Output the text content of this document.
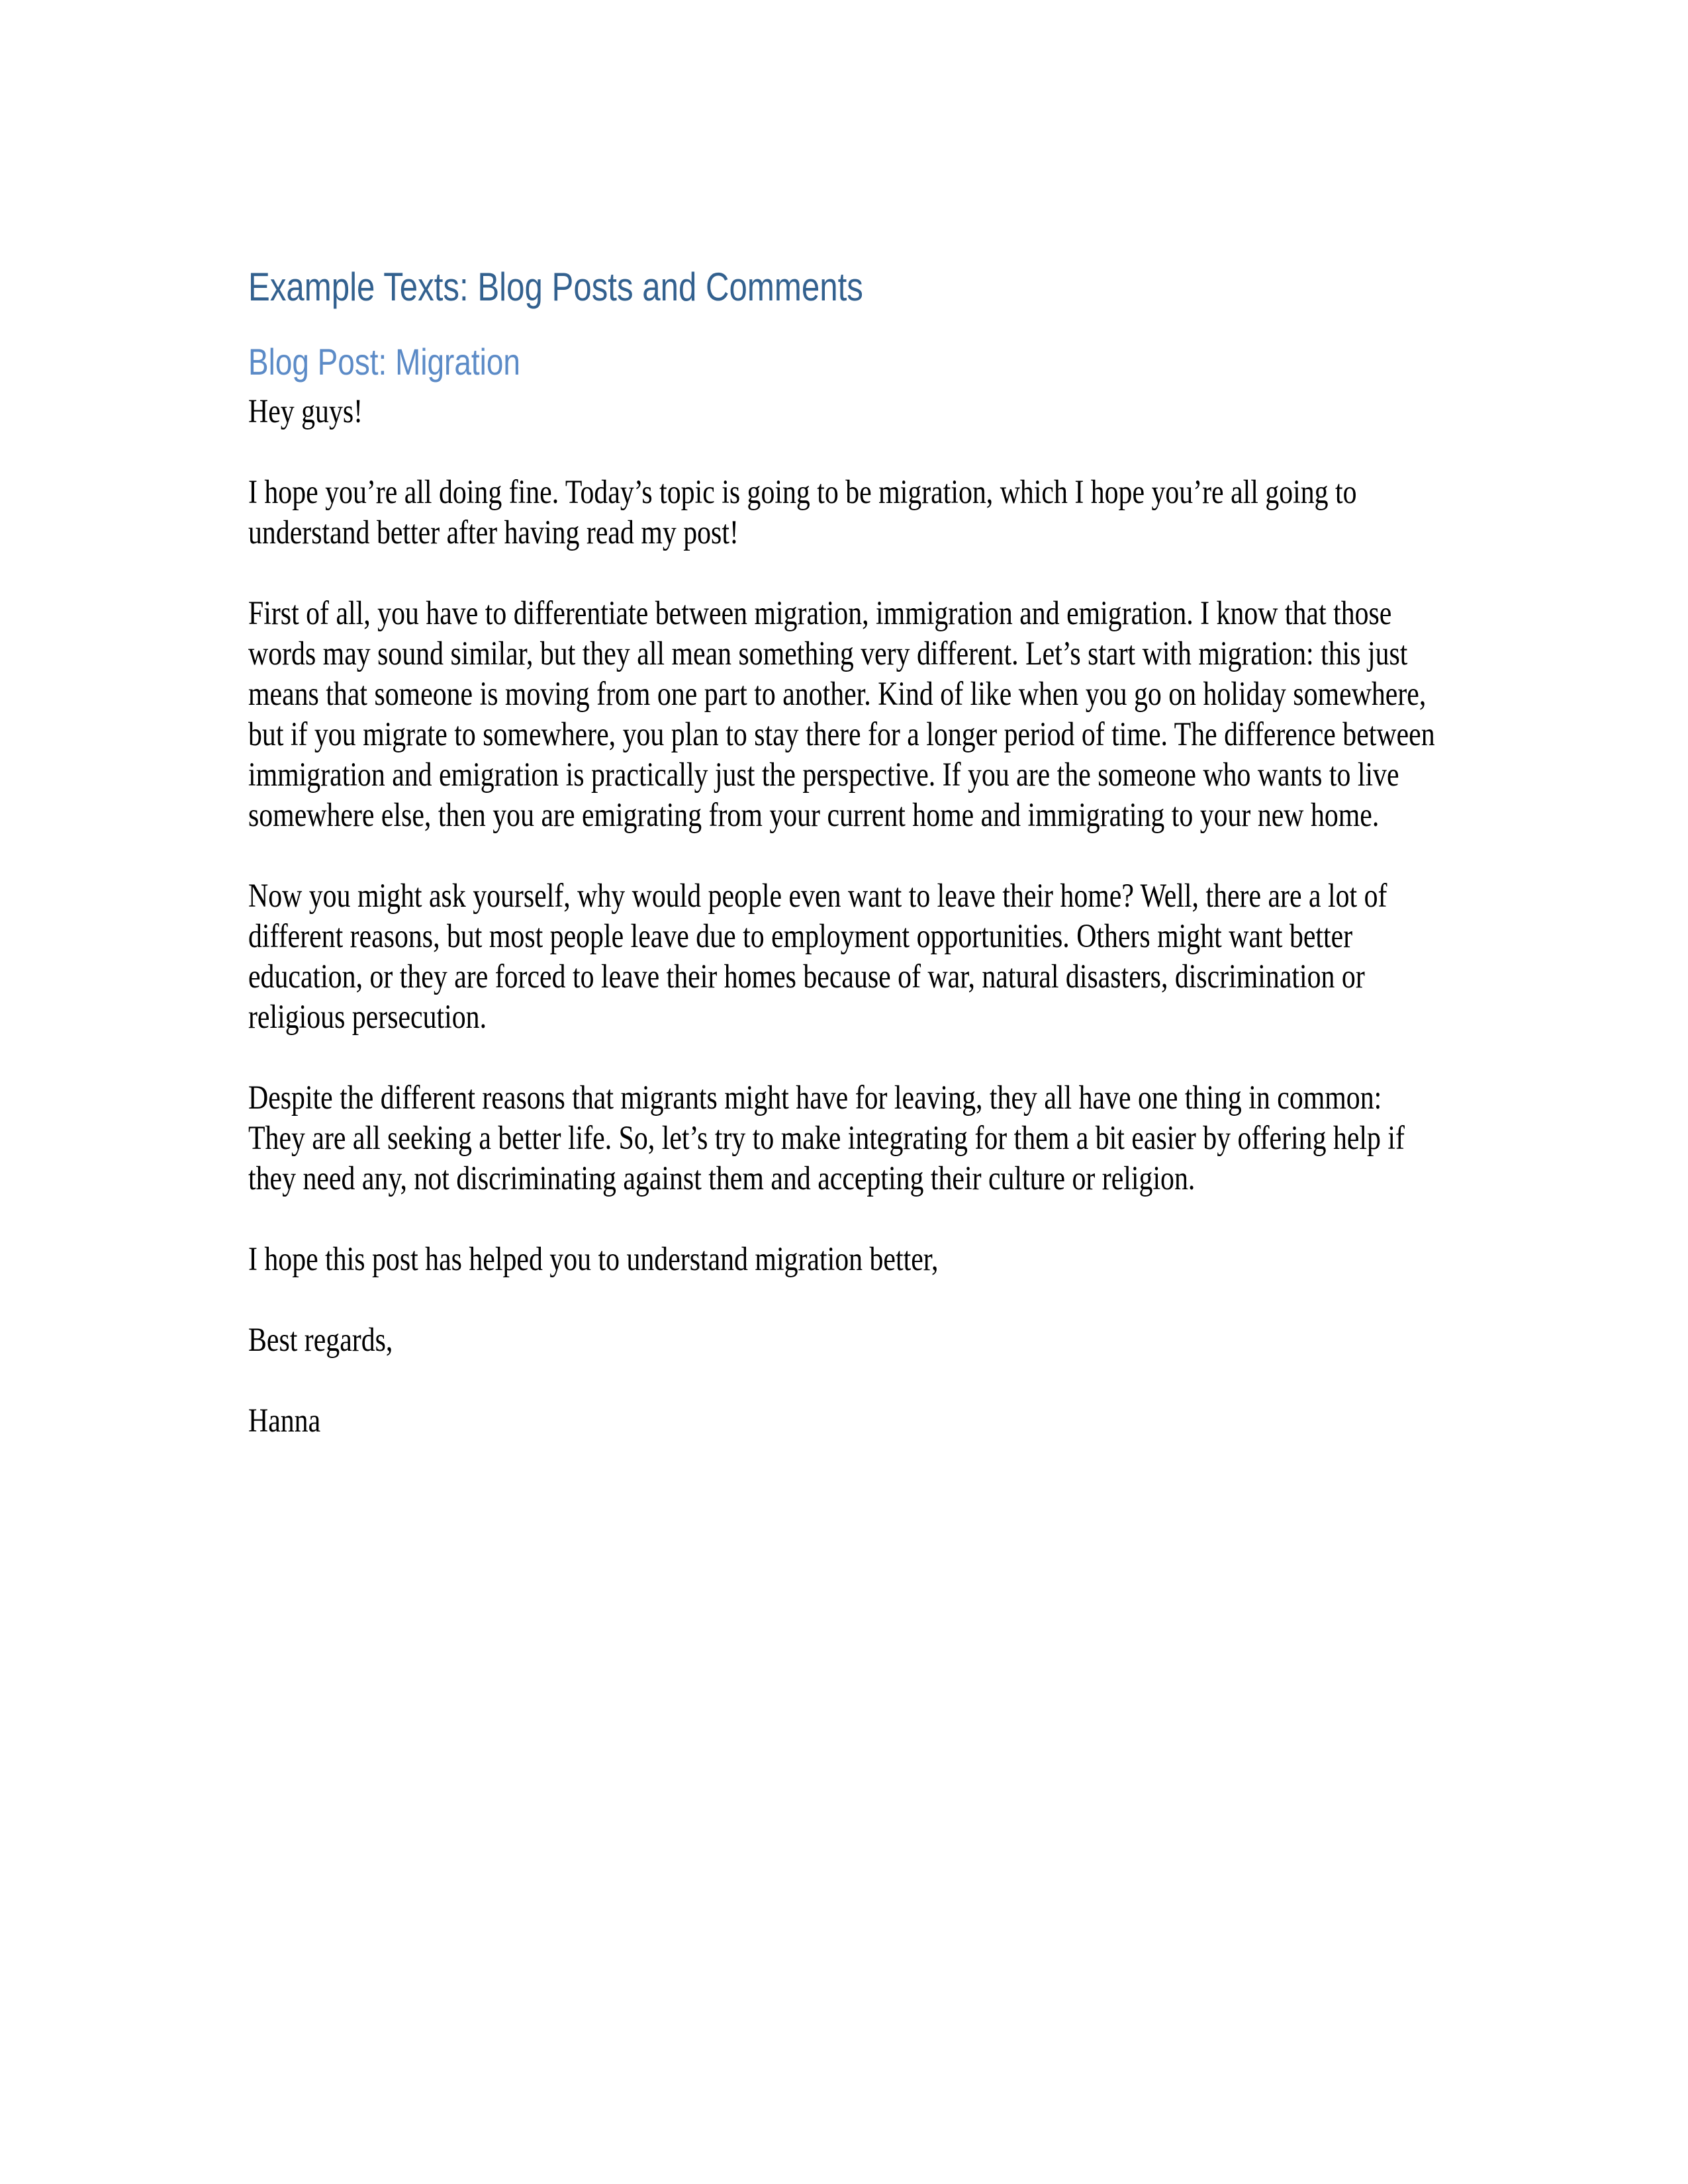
Example Texts: Blog Posts and Comments
Blog Post: Migration

Hey guys!

I hope you’re all doing fine. Today’s topic is going to be migration, which I hope you’re all going to understand better after having read my post!

First of all, you have to differentiate between migration, immigration and emigration. I know that those words may sound similar, but they all mean something very different. Let’s start with migration: this just means that someone is moving from one part to another. Kind of like when you go on holiday somewhere, but if you migrate to somewhere, you plan to stay there for a longer period of time. The difference between immigration and emigration is practically just the perspective. If you are the someone who wants to live somewhere else, then you are emigrating from your current home and immigrating to your new home.

Now you might ask yourself, why would people even want to leave their home? Well, there are a lot of different reasons, but most people leave due to employment opportunities. Others might want better education, or they are forced to leave their homes because of war, natural disasters, discrimination or religious persecution.

Despite the different reasons that migrants might have for leaving, they all have one thing in common: They are all seeking a better life. So, let’s try to make integrating for them a bit easier by offering help if they need any, not discriminating against them and accepting their culture or religion.

I hope this post has helped you to understand migration better,

Best regards,

Hanna
